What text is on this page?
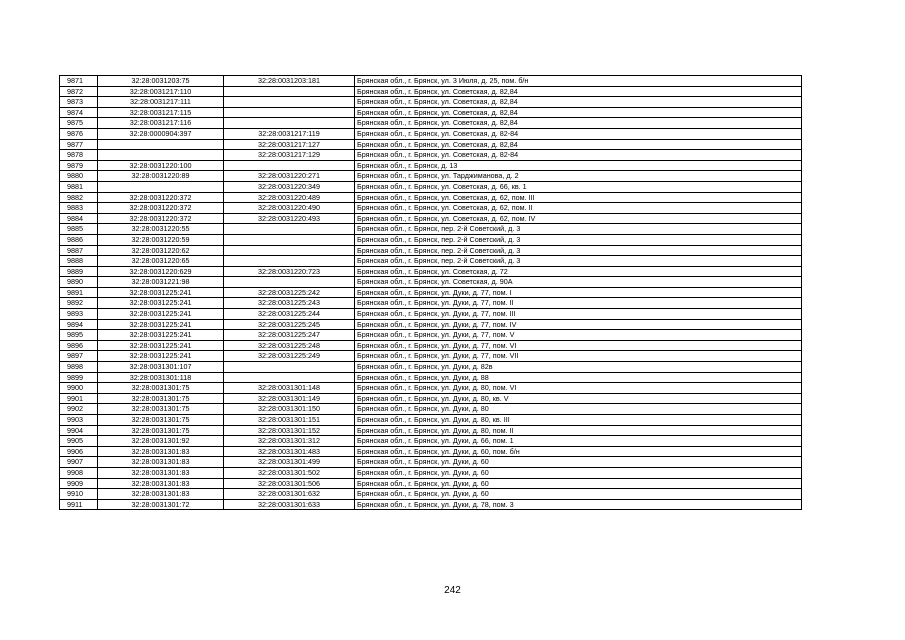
9871	32:28:0031203:75	32:28:0031203:181	Брянская обл., г. Брянск, ул. 3 Июля, д. 25, пом. б/н
9872	32:28:0031217:110		Брянская обл., г. Брянск, ул. Советская, д. 82,84
9873	32:28:0031217:111		Брянская обл., г. Брянск, ул. Советская, д. 82,84
9874	32:28:0031217:115		Брянская обл., г. Брянск, ул. Советская, д. 82,84
9875	32:28:0031217:116		Брянская обл., г. Брянск, ул. Советская, д. 82,84
9876	32:28:0000904:397	32:28:0031217:119	Брянская обл., г. Брянск, ул. Советская, д. 82-84
9877		32:28:0031217:127	Брянская обл., г. Брянск, ул. Советская, д. 82,84
9878		32:28:0031217:129	Брянская обл., г. Брянск, ул. Советская, д. 82-84
9879	32:28:0031220:100		Брянская обл., г. Брянск, д. 13
9880	32:28:0031220:89	32:28:0031220:271	Брянская обл., г. Брянск, ул. Тарджиманова, д. 2
9881		32:28:0031220:349	Брянская обл., г. Брянск, ул. Советская, д. 66, кв. 1
9882	32:28:0031220:372	32:28:0031220:489	Брянская обл., г. Брянск, ул. Советская, д. 62, пом. III
9883	32:28:0031220:372	32:28:0031220:490	Брянская обл., г. Брянск, ул. Советская, д. 62, пом. II
9884	32:28:0031220:372	32:28:0031220:493	Брянская обл., г. Брянск, ул. Советская, д. 62, пом. IV
9885	32:28:0031220:55		Брянская обл., г. Брянск, пер. 2-й Советский, д. 3
9886	32:28:0031220:59		Брянская обл., г. Брянск, пер. 2-й Советский, д. 3
9887	32:28:0031220:62		Брянская обл., г. Брянск, пер. 2-й Советский, д. 3
9888	32:28:0031220:65		Брянская обл., г. Брянск, пер. 2-й Советский, д. 3
9889	32:28:0031220:629	32:28:0031220:723	Брянская обл., г. Брянск, ул. Советская, д. 72
9890	32:28:0031221:98		Брянская обл., г. Брянск, ул. Советская, д. 90А
9891	32:28:0031225:241	32:28:0031225:242	Брянская обл., г. Брянск, ул. Дуки, д. 77, пом. I
9892	32:28:0031225:241	32:28:0031225:243	Брянская обл., г. Брянск, ул. Дуки, д. 77, пом. II
9893	32:28:0031225:241	32:28:0031225:244	Брянская обл., г. Брянск, ул. Дуки, д. 77, пом. III
9894	32:28:0031225:241	32:28:0031225:245	Брянская обл., г. Брянск, ул. Дуки, д. 77, пом. IV
9895	32:28:0031225:241	32:28:0031225:247	Брянская обл., г. Брянск, ул. Дуки, д. 77, пом. V
9896	32:28:0031225:241	32:28:0031225:248	Брянская обл., г. Брянск, ул. Дуки, д. 77, пом. VI
9897	32:28:0031225:241	32:28:0031225:249	Брянская обл., г. Брянск, ул. Дуки, д. 77, пом. VII
9898	32:28:0031301:107		Брянская обл., г. Брянск, ул. Дуки, д. 82в
9899	32:28:0031301:118		Брянская обл., г. Брянск, ул. Дуки, д. 88
9900	32:28:0031301:75	32:28:0031301:148	Брянская обл., г. Брянск, ул. Дуки, д. 80, пом. VI
9901	32:28:0031301:75	32:28:0031301:149	Брянская обл., г. Брянск, ул. Дуки, д. 80, кв. V
9902	32:28:0031301:75	32:28:0031301:150	Брянская обл., г. Брянск, ул. Дуки, д. 80
9903	32:28:0031301:75	32:28:0031301:151	Брянская обл., г. Брянск, ул. Дуки, д. 80, кв. III
9904	32:28:0031301:75	32:28:0031301:152	Брянская обл., г. Брянск, ул. Дуки, д. 80, пом. II
9905	32:28:0031301:92	32:28:0031301:312	Брянская обл., г. Брянск, ул. Дуки, д. 66, пом. 1
9906	32:28:0031301:83	32:28:0031301:483	Брянская обл., г. Брянск, ул. Дуки, д. 60, пом. б/н
9907	32:28:0031301:83	32:28:0031301:499	Брянская обл., г. Брянск, ул. Дуки, д. 60
9908	32:28:0031301:83	32:28:0031301:502	Брянская обл., г. Брянск, ул. Дуки, д. 60
9909	32:28:0031301:83	32:28:0031301:506	Брянская обл., г. Брянск, ул. Дуки, д. 60
9910	32:28:0031301:83	32:28:0031301:632	Брянская обл., г. Брянск, ул. Дуки, д. 60
9911	32:28:0031301:72	32:28:0031301:633	Брянская обл., г. Брянск, ул. Дуки, д. 78, пом. 3
242
